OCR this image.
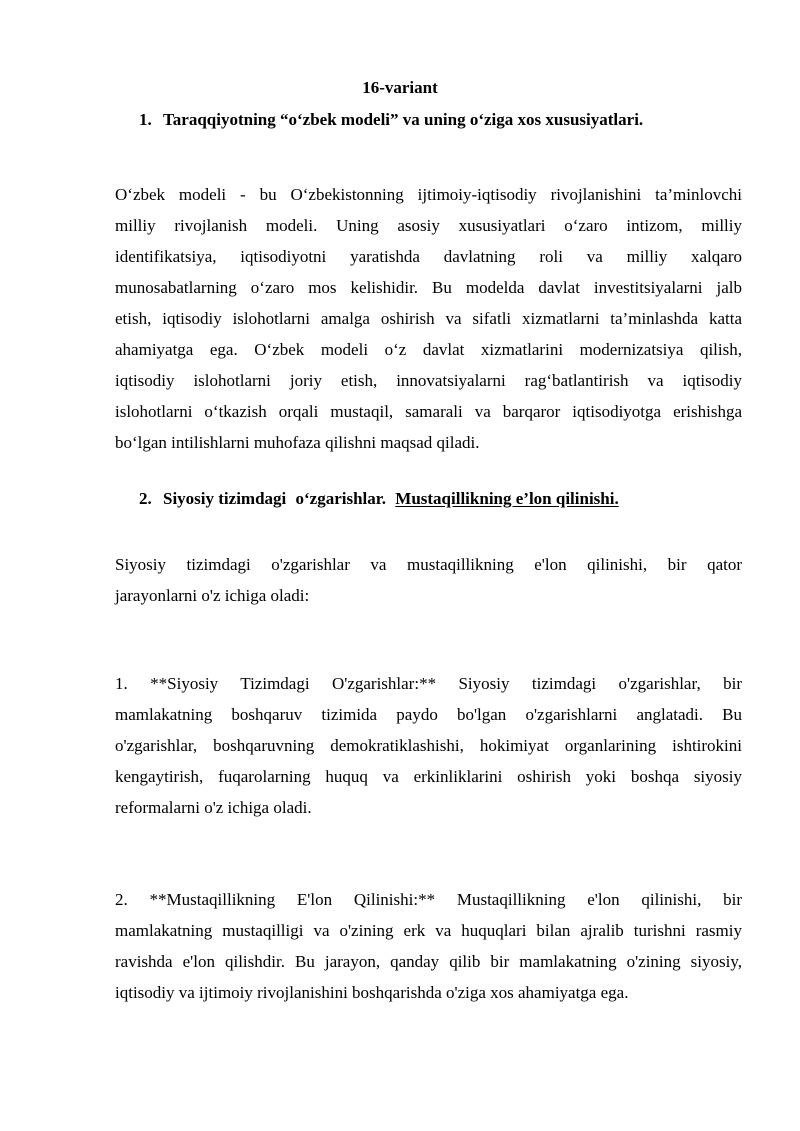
16-variant
1. Taraqqiyotning “o‘zbek modeli” va uning o‘ziga xos xususiyatlari.

O‘zbek modeli - bu O‘zbekistonning ijtimoiy-iqtisodiy rivojlanishini ta’minlovchi
milliy rivojlanish modeli. Uning asosiy xususiyatlari o‘zaro intizom, milliy
identifikatsiya, iqtisodiyotni yaratishda davlatning roli va milliy xalqaro
munosabatlarning o‘zaro mos kelishidir. Bu modelda davlat investitsiyalarni jalb
etish, iqtisodiy islohotlarni amalga oshirish va sifatli xizmatlarni ta’minlashda katta
ahamiyatga ega. O‘zbek modeli o‘z davlat xizmatlarini modernizatsiya qilish,
iqtisodiy islohotlarni joriy etish, innovatsiyalarni rag‘batlantirish va iqtisodiy
islohotlarni o‘tkazish orqali mustaqil, samarali va barqaror iqtisodiyotga erishishga
bo‘lgan intilishlarni muhofaza qilishni maqsad qiladi.

2. Siyosiy tizimdagi o‘zgarishlar. Mustaqillikning e’lon qilinishi.

Siyosiy tizimdagi o'zgarishlar va mustaqillikning e'lon qilinishi, bir qator
jarayonlarni o'z ichiga oladi:

1. **Siyosiy Tizimdagi O'zgarishlar:** Siyosiy tizimdagi o'zgarishlar, bir
mamlakatning boshqaruv tizimida paydo bo'lgan o'zgarishlarni anglatadi. Bu
o'zgarishlar, boshqaruvning demokratiklashishi, hokimiyat organlarining ishtirokini
kengaytirish, fuqarolarning huquq va erkinliklarini oshirish yoki boshqa siyosiy
reformalarni o'z ichiga oladi.

2. **Mustaqillikning E'lon Qilinishi:** Mustaqillikning e'lon qilinishi, bir
mamlakatning mustaqilligi va o'zining erk va huquqlari bilan ajralib turishni rasmiy
ravishda e'lon qilishdir. Bu jarayon, qanday qilib bir mamlakatning o'zining siyosiy,
iqtisodiy va ijtimoiy rivojlanishini boshqarishda o'ziga xos ahamiyatga ega.
